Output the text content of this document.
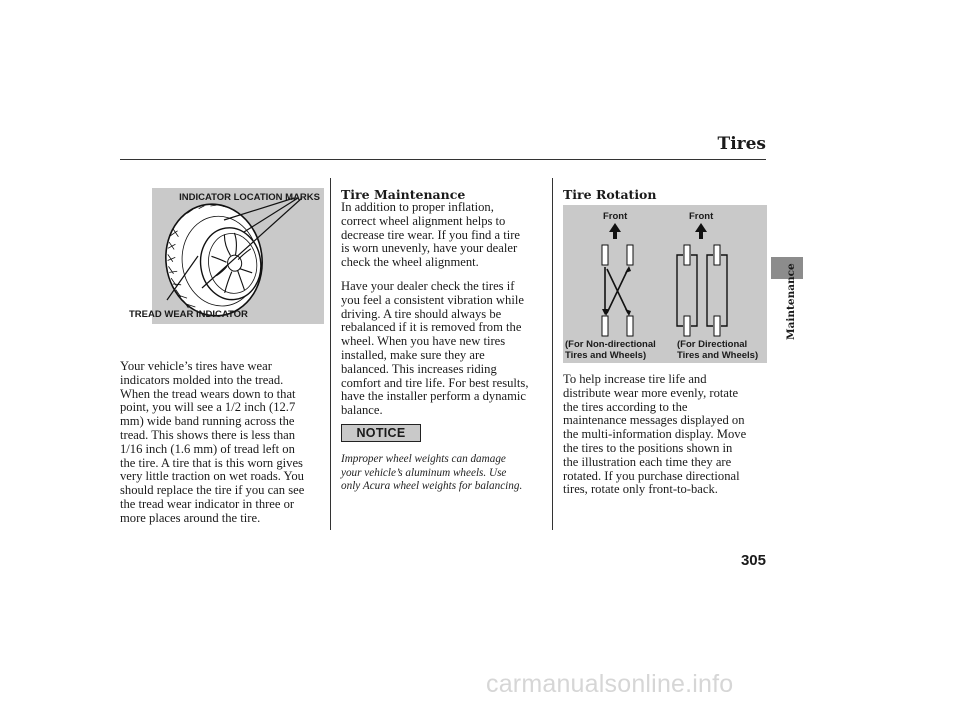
Tires
INDICATOR LOCATION MARKS
TREAD WEAR INDICATOR
Your vehicle’s tires have wear
indicators molded into the tread.
When the tread wears down to that
point, you will see a 1/2 inch (12.7
mm) wide band running across the
tread. This shows there is less than
1/16 inch (1.6 mm) of tread left on
the tire. A tire that is this worn gives
very little traction on wet roads. You
should replace the tire if you can see
the tread wear indicator in three or
more places around the tire.
Tire Maintenance
In addition to proper inflation,
correct wheel alignment helps to
decrease tire wear. If you find a tire
is worn unevenly, have your dealer
check the wheel alignment.
Have your dealer check the tires if
you feel a consistent vibration while
driving. A tire should always be
rebalanced if it is removed from the
wheel. When you have new tires
installed, make sure they are
balanced. This increases riding
comfort and tire life. For best results,
have the installer perform a dynamic
balance.
NOTICE
Improper wheel weights can damage
your vehicle’s aluminum wheels. Use
only Acura wheel weights for balancing.
Tire Rotation
Front	Front
(For Non-directional
Tires and Wheels)
(For Directional
Tires and Wheels)
To help increase tire life and
distribute wear more evenly, rotate
the tires according to the
maintenance messages displayed on
the multi-information display. Move
the tires to the positions shown in
the illustration each time they are
rotated. If you purchase directional
tires, rotate only front-to-back.
Maintenance
305
carmanualsonline.info
